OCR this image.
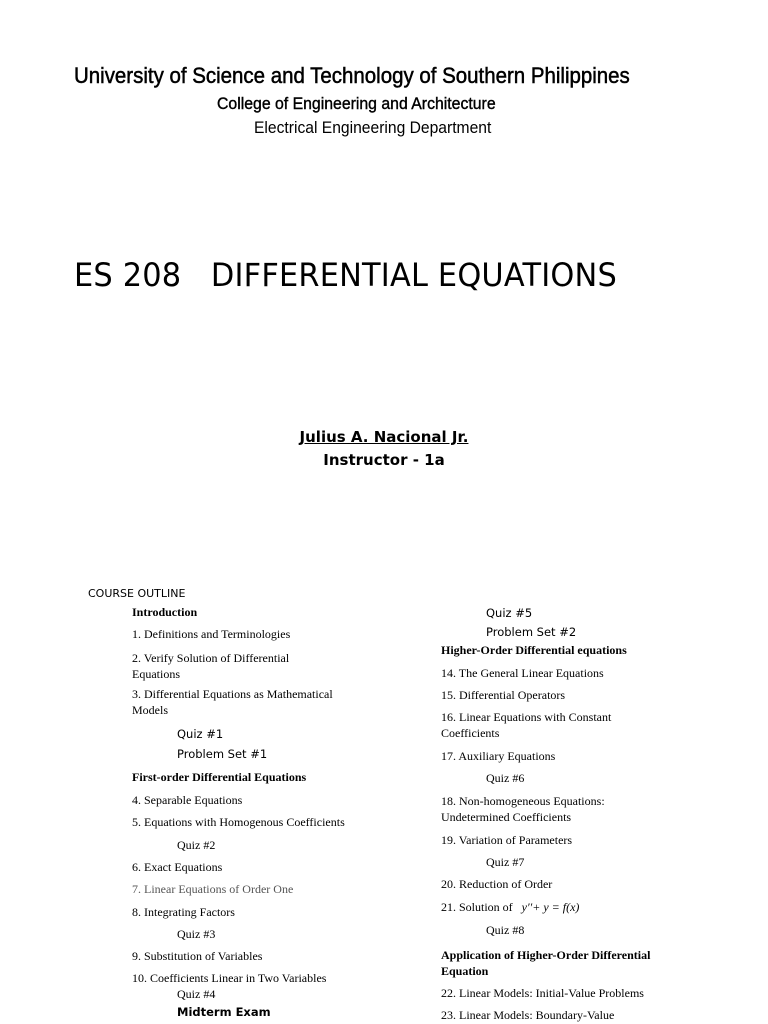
University of Science and Technology of Southern Philippines
College of Engineering and Architecture
Electrical Engineering Department
ES 208   DIFFERENTIAL EQUATIONS
Julius A. Nacional Jr.
Instructor - 1a
COURSE OUTLINE
Introduction
1. Definitions and Terminologies
2. Verify Solution of Differential
Equations
3. Differential Equations as Mathematical
Models
Quiz #1
Problem Set #1
First-order Differential Equations
4. Separable Equations
5. Equations with Homogenous Coefficients
Quiz #2
6. Exact Equations
7. Linear Equations of Order One
8. Integrating Factors
Quiz #3
9. Substitution of Variables
10. Coefficients Linear in Two Variables
Quiz #4
Midterm Exam
Quiz #5
Problem Set #2
Higher-Order Differential equations
14. The General Linear Equations
15. Differential Operators
16. Linear Equations with Constant
Coefficients
17. Auxiliary Equations
Quiz #6
18. Non-homogeneous Equations:
Undetermined Coefficients
19. Variation of Parameters
Quiz #7
20. Reduction of Order
21. Solution of y′′+ y = f(x)
Quiz #8
Application of Higher-Order Differential
Equation
22. Linear Models: Initial-Value Problems
23. Linear Models: Boundary-Value
